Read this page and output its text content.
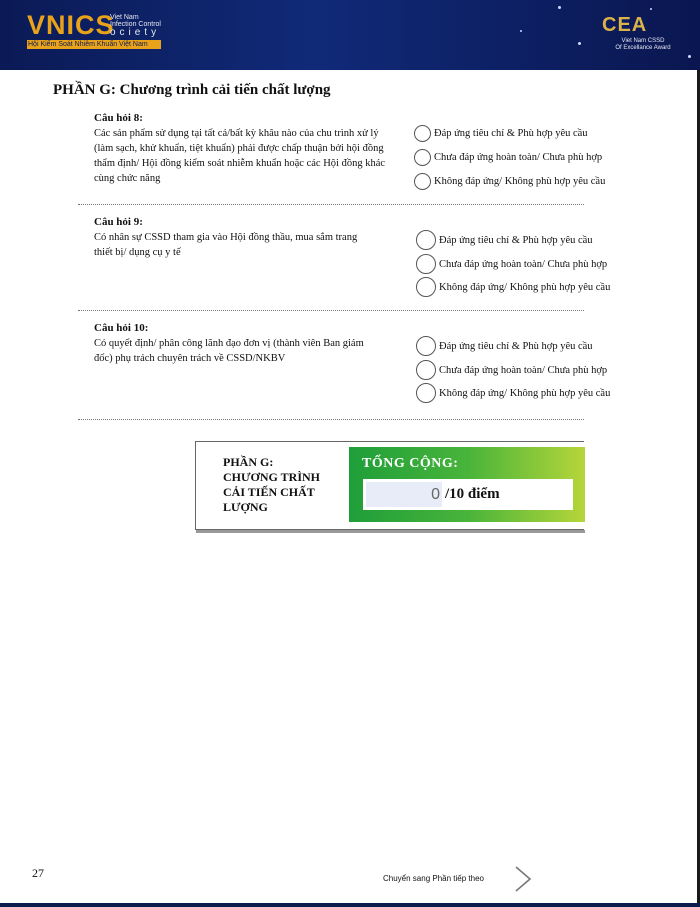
VNICS
Viet Nam
Infection Control
ociety
Hội Kiểm Soát Nhiễm Khuẩn Việt Nam
CEA
Viet Nam CSSD
Of Excellance Award
PHẦN G: Chương trình cải tiến chất lượng
Câu hỏi 8:
Các sản phẩm sử dụng tại tất cả/bất kỳ khâu nào của chu trình xử lý (làm sạch, khử khuẩn, tiệt khuẩn) phải được chấp thuận bởi hội đồng thẩm định/ Hội đồng kiểm soát nhiễm khuẩn hoặc các Hội đồng khác cùng chức năng
Đáp ứng tiêu chí & Phù hợp yêu cầu
Chưa đáp ứng hoàn toàn/ Chưa phù hợp
Không đáp ứng/ Không phù hợp yêu cầu
Câu hỏi 9:
Có nhân sự CSSD tham gia vào Hội đồng thầu, mua sắm trang thiết bị/ dụng cụ y tế
Đáp ứng tiêu chí & Phù hợp yêu cầu
Chưa đáp ứng hoàn toàn/ Chưa phù hợp
Không đáp ứng/ Không phù hợp yêu cầu
Câu hỏi 10:
Có quyết định/ phân công lãnh đạo đơn vị (thành viên Ban giám đốc) phụ trách chuyên trách về CSSD/NKBV
Đáp ứng tiêu chí & Phù hợp yêu cầu
Chưa đáp ứng hoàn toàn/ Chưa phù hợp
Không đáp ứng/ Không phù hợp yêu cầu
PHẦN G:
CHƯƠNG TRÌNH
CẢI TIẾN CHẤT
LƯỢNG
TỔNG CỘNG:
0 /10 điểm
27	Chuyển sang Phần tiếp theo
